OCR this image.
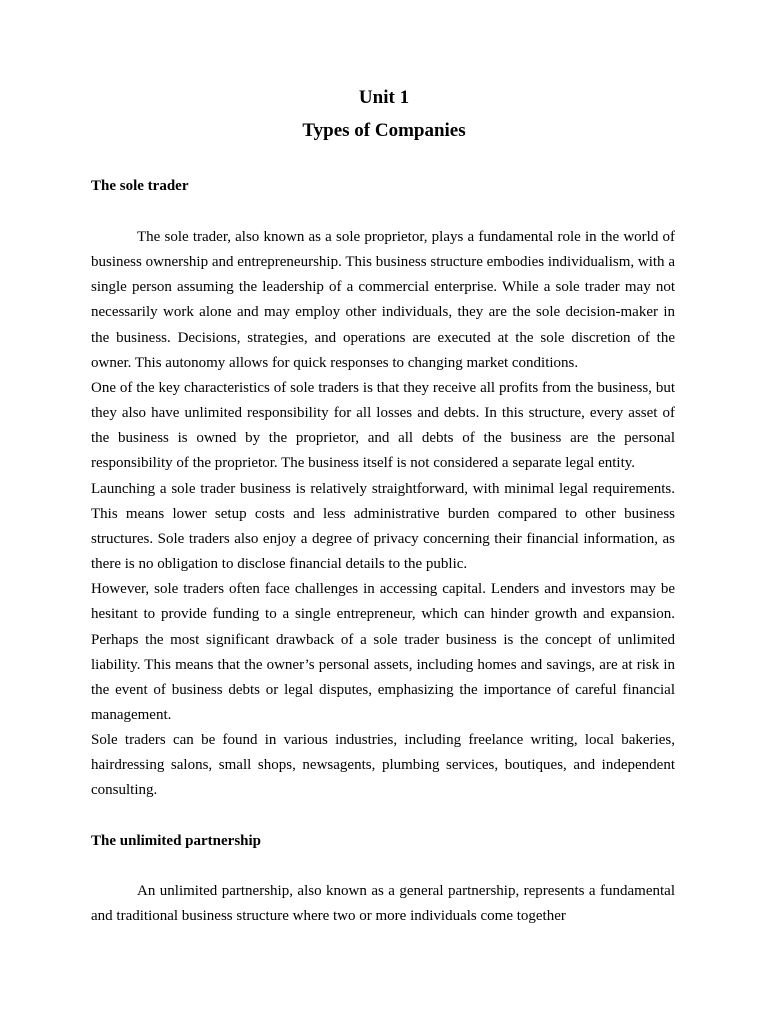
Unit 1
Types of Companies
The sole trader

The sole trader, also known as a sole proprietor, plays a fundamental role in the world of business ownership and entrepreneurship. This business structure embodies individualism, with a single person assuming the leadership of a commercial enterprise. While a sole trader may not necessarily work alone and may employ other individuals, they are the sole decision-maker in the business. Decisions, strategies, and operations are executed at the sole discretion of the owner. This autonomy allows for quick responses to changing market conditions.

One of the key characteristics of sole traders is that they receive all profits from the business, but they also have unlimited responsibility for all losses and debts. In this structure, every asset of the business is owned by the proprietor, and all debts of the business are the personal responsibility of the proprietor. The business itself is not considered a separate legal entity.

Launching a sole trader business is relatively straightforward, with minimal legal requirements. This means lower setup costs and less administrative burden compared to other business structures. Sole traders also enjoy a degree of privacy concerning their financial information, as there is no obligation to disclose financial details to the public.

However, sole traders often face challenges in accessing capital. Lenders and investors may be hesitant to provide funding to a single entrepreneur, which can hinder growth and expansion. Perhaps the most significant drawback of a sole trader business is the concept of unlimited liability. This means that the owner’s personal assets, including homes and savings, are at risk in the event of business debts or legal disputes, emphasizing the importance of careful financial management.

Sole traders can be found in various industries, including freelance writing, local bakeries, hairdressing salons, small shops, newsagents, plumbing services, boutiques, and independent consulting.

The unlimited partnership

An unlimited partnership, also known as a general partnership, represents a fundamental and traditional business structure where two or more individuals come together
